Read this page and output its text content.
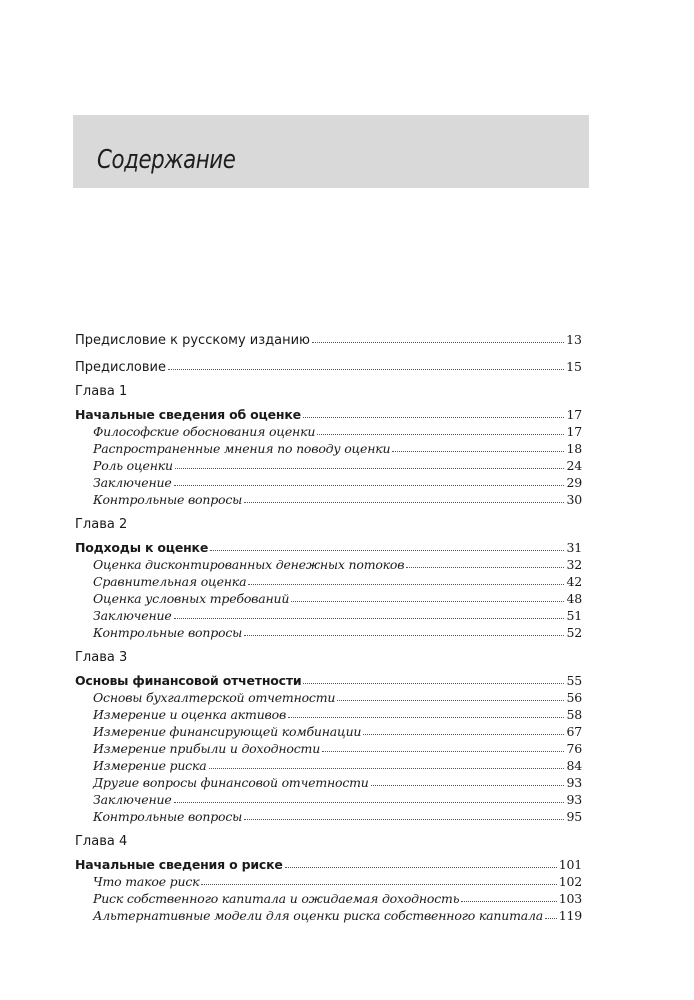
Содержание
Предисловие к русскому изданию	13
Предисловие	15
Глава 1
Начальные сведения об оценке	17
Философские обоснования оценки	17
Распространенные мнения по поводу оценки	18
Роль оценки	24
Заключение	29
Контрольные вопросы	30
Глава 2
Подходы к оценке	31
Оценка дисконтированных денежных потоков	32
Сравнительная оценка	42
Оценка условных требований	48
Заключение	51
Контрольные вопросы	52
Глава 3
Основы финансовой отчетности	55
Основы бухгалтерской отчетности	56
Измерение и оценка активов	58
Измерение финансирующей комбинации	67
Измерение прибыли и доходности	76
Измерение риска	84
Другие вопросы финансовой отчетности	93
Заключение	93
Контрольные вопросы	95
Глава 4
Начальные сведения о риске	101
Что такое риск	102
Риск собственного капитала и ожидаемая доходность	103
Альтернативные модели для оценки риска собственного капитала 119
